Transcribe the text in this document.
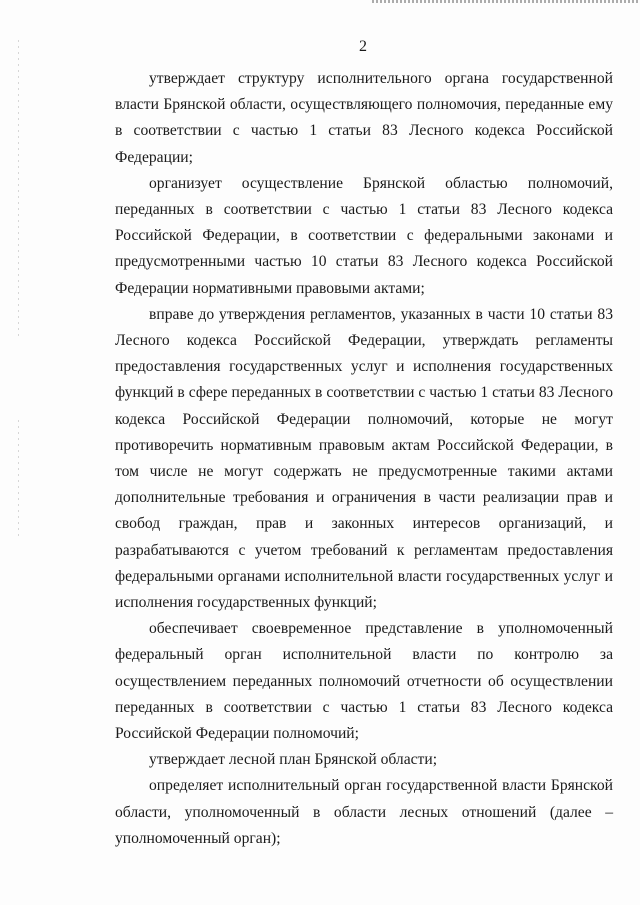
2

утверждает структуру исполнительного органа государственной власти Брянской области, осуществляющего полномочия, переданные ему в соответствии с частью 1 статьи 83 Лесного кодекса Российской Федерации;

организует осуществление Брянской областью полномочий, переданных в соответствии с частью 1 статьи 83 Лесного кодекса Российской Федерации, в соответствии с федеральными законами и предусмотренными частью 10 статьи 83 Лесного кодекса Российской Федерации нормативными правовыми актами;

вправе до утверждения регламентов, указанных в части 10 статьи 83 Лесного кодекса Российской Федерации, утверждать регламенты предоставления государственных услуг и исполнения государственных функций в сфере переданных в соответствии с частью 1 статьи 83 Лесного кодекса Российской Федерации полномочий, которые не могут противоречить нормативным правовым актам Российской Федерации, в том числе не могут содержать не предусмотренные такими актами дополнительные требования и ограничения в части реализации прав и свобод граждан, прав и законных интересов организаций, и разрабатываются с учетом требований к регламентам предоставления федеральными органами исполнительной власти государственных услуг и исполнения государственных функций;

обеспечивает своевременное представление в уполномоченный федеральный орган исполнительной власти по контролю за осуществлением переданных полномочий отчетности об осуществлении переданных в соответствии с частью 1 статьи 83 Лесного кодекса Российской Федерации полномочий;

утверждает лесной план Брянской области;

определяет исполнительный орган государственной власти Брянской области, уполномоченный в области лесных отношений (далее – уполномоченный орган);
